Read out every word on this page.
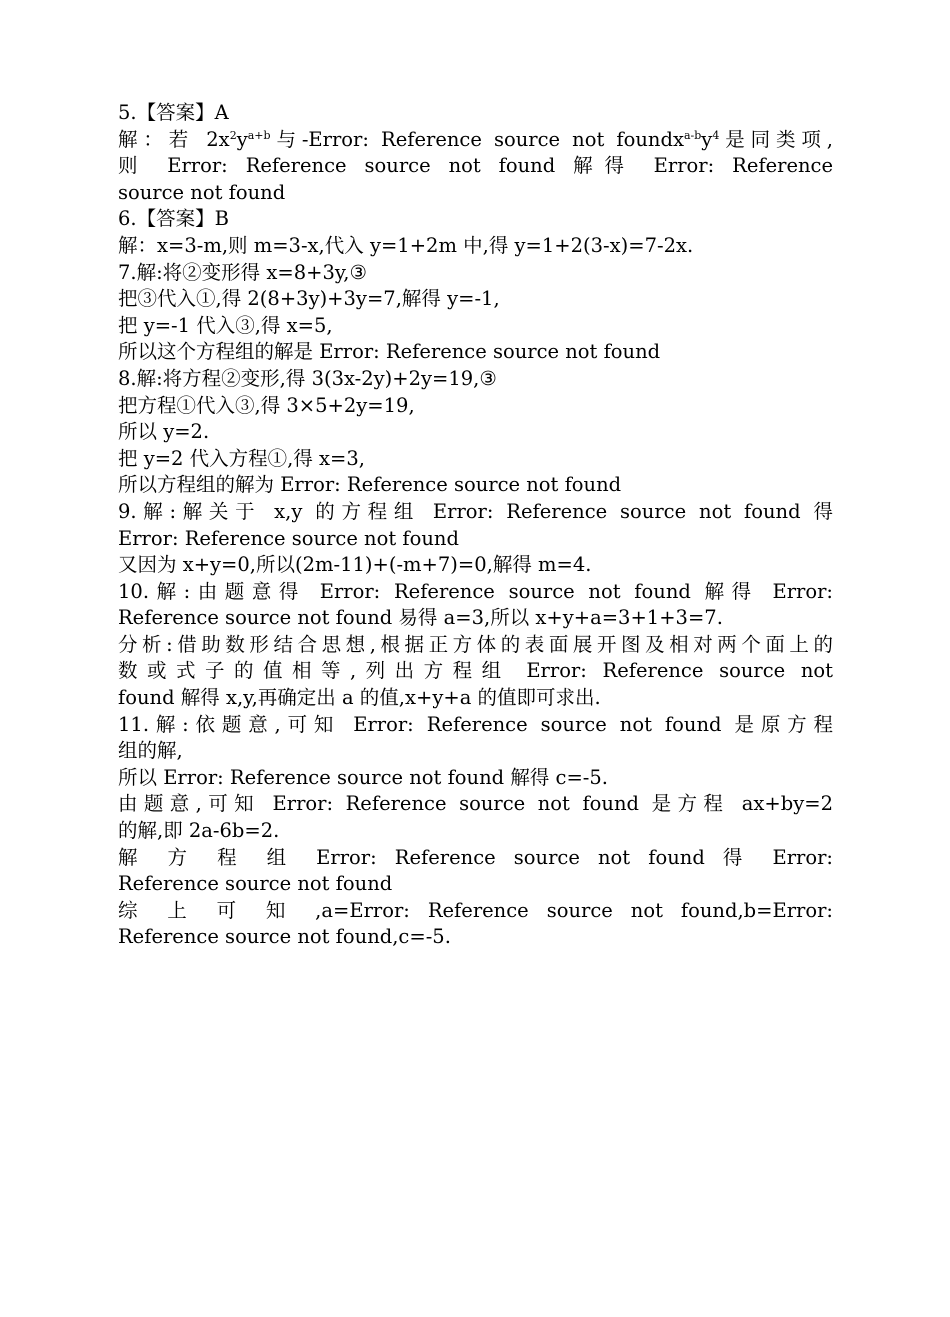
5.【答案】A
解：若 $2x^2y^{a+b}$与-Error: Reference source not $foundx^{a-b}y^4$是同类项,
则 Error: Reference source not found 解得 Error: Reference
source not found
6.【答案】B
解：x=3-m,则 m=3-x,代入 y=1+2m 中,得 y=1+2(3-x)=7-2x.
7.解:将②变形得 x=8+3y,③
把③代入①,得 2(8+3y)+3y=7,解得 y=-1,
把 y=-1 代入③,得 x=5,
所以这个方程组的解是 Error: Reference source not found
8.解:将方程②变形,得 3(3x-2y)+2y=19,③
把方程①代入③,得 3×5+2y=19,
所以 y=2.
把 y=2 代入方程①,得 x=3,
所以方程组的解为 Error: Reference source not found
9.解:解关于 x,y 的方程组 Error: Reference source not found 得
Error: Reference source not found
又因为 x+y=0,所以(2m-11)+(-m+7)=0,解得 m=4.
10.解:由题意得 Error: Reference source not found 解得 Error:
Reference source not found 易得 a=3,所以 x+y+a=3+1+3=7.
分析:借助数形结合思想,根据正方体的表面展开图及相对两个面上的
数或式子的值相等,列出方程组 Error: Reference source not
found 解得 x,y,再确定出 a 的值,x+y+a 的值即可求出.
11.解:依题意,可知 Error: Reference source not found 是原方程
组的解,
所以 Error: Reference source not found 解得 c=-5.
由题意,可知 Error: Reference source not found 是方程 ax+by=2
的解,即 2a-6b=2.
解 方 程 组 Error: Reference source not found 得 Error:
Reference source not found
综 上 可 知 ,a=Error: Reference source not found,b=Error:
Reference source not found,c=-5.
